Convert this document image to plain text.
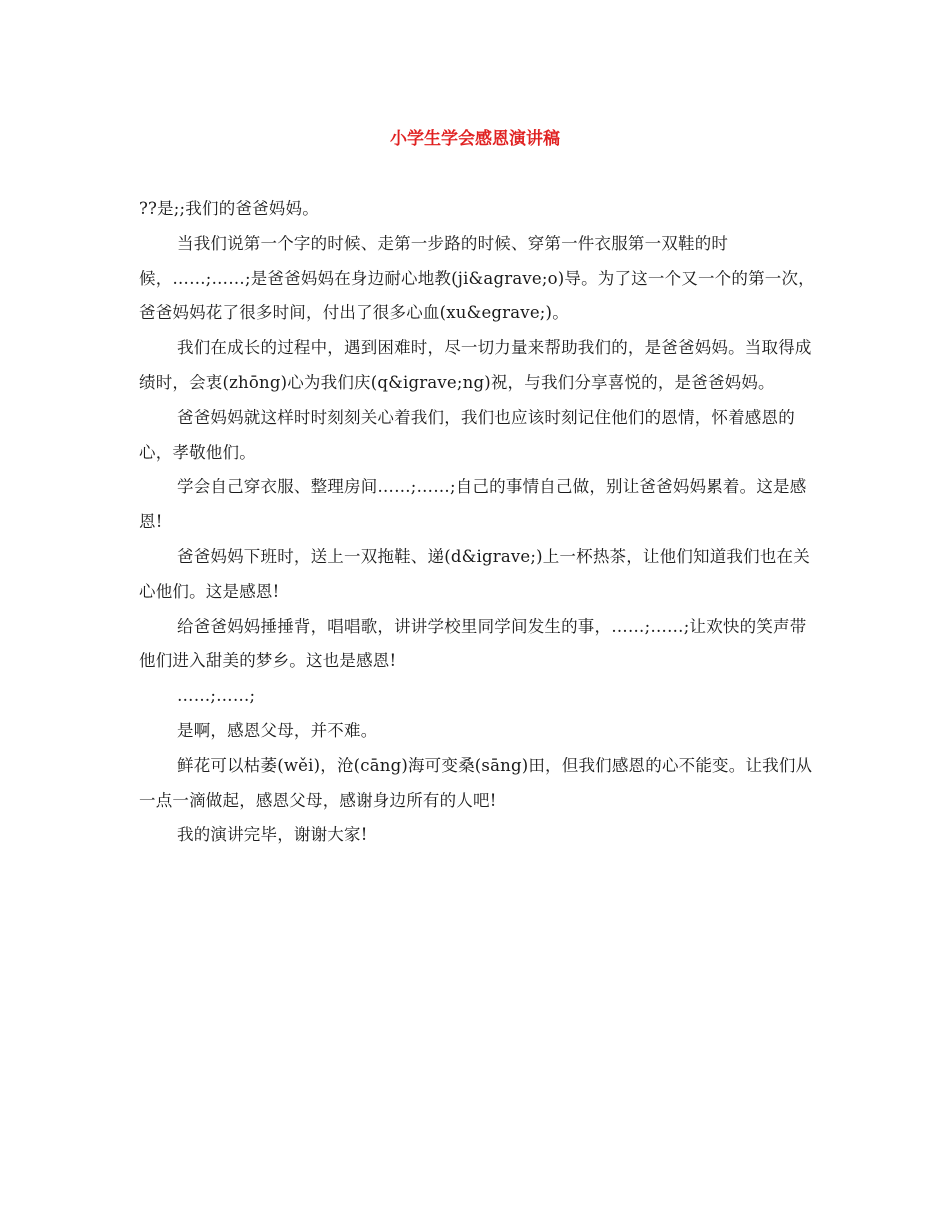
小学生学会感恩演讲稿

??是;;我们的爸爸妈妈。

当我们说第一个字的时候、走第一步路的时候、穿第一件衣服第一双鞋的时候，……;……;是爸爸妈妈在身边耐心地教(ji&agrave;o)导。为了这一个又一个的第一次，爸爸妈妈花了很多时间，付出了很多心血(xu&egrave;)。

我们在成长的过程中，遇到困难时，尽一切力量来帮助我们的，是爸爸妈妈。当取得成绩时，会衷(zhōng)心为我们庆(q&igrave;ng)祝，与我们分享喜悦的，是爸爸妈妈。

爸爸妈妈就这样时时刻刻关心着我们，我们也应该时刻记住他们的恩情，怀着感恩的心，孝敬他们。

学会自己穿衣服、整理房间……;……;自己的事情自己做，别让爸爸妈妈累着。这是感恩!

爸爸妈妈下班时，送上一双拖鞋、递(d&igrave;)上一杯热茶，让他们知道我们也在关心他们。这是感恩!

给爸爸妈妈捶捶背，唱唱歌，讲讲学校里同学间发生的事，……;……;让欢快的笑声带他们进入甜美的梦乡。这也是感恩!

……;……;

是啊，感恩父母，并不难。

鲜花可以枯萎(wěi)，沧(cāng)海可变桑(sāng)田，但我们感恩的心不能变。让我们从一点一滴做起，感恩父母，感谢身边所有的人吧!

我的演讲完毕，谢谢大家!
